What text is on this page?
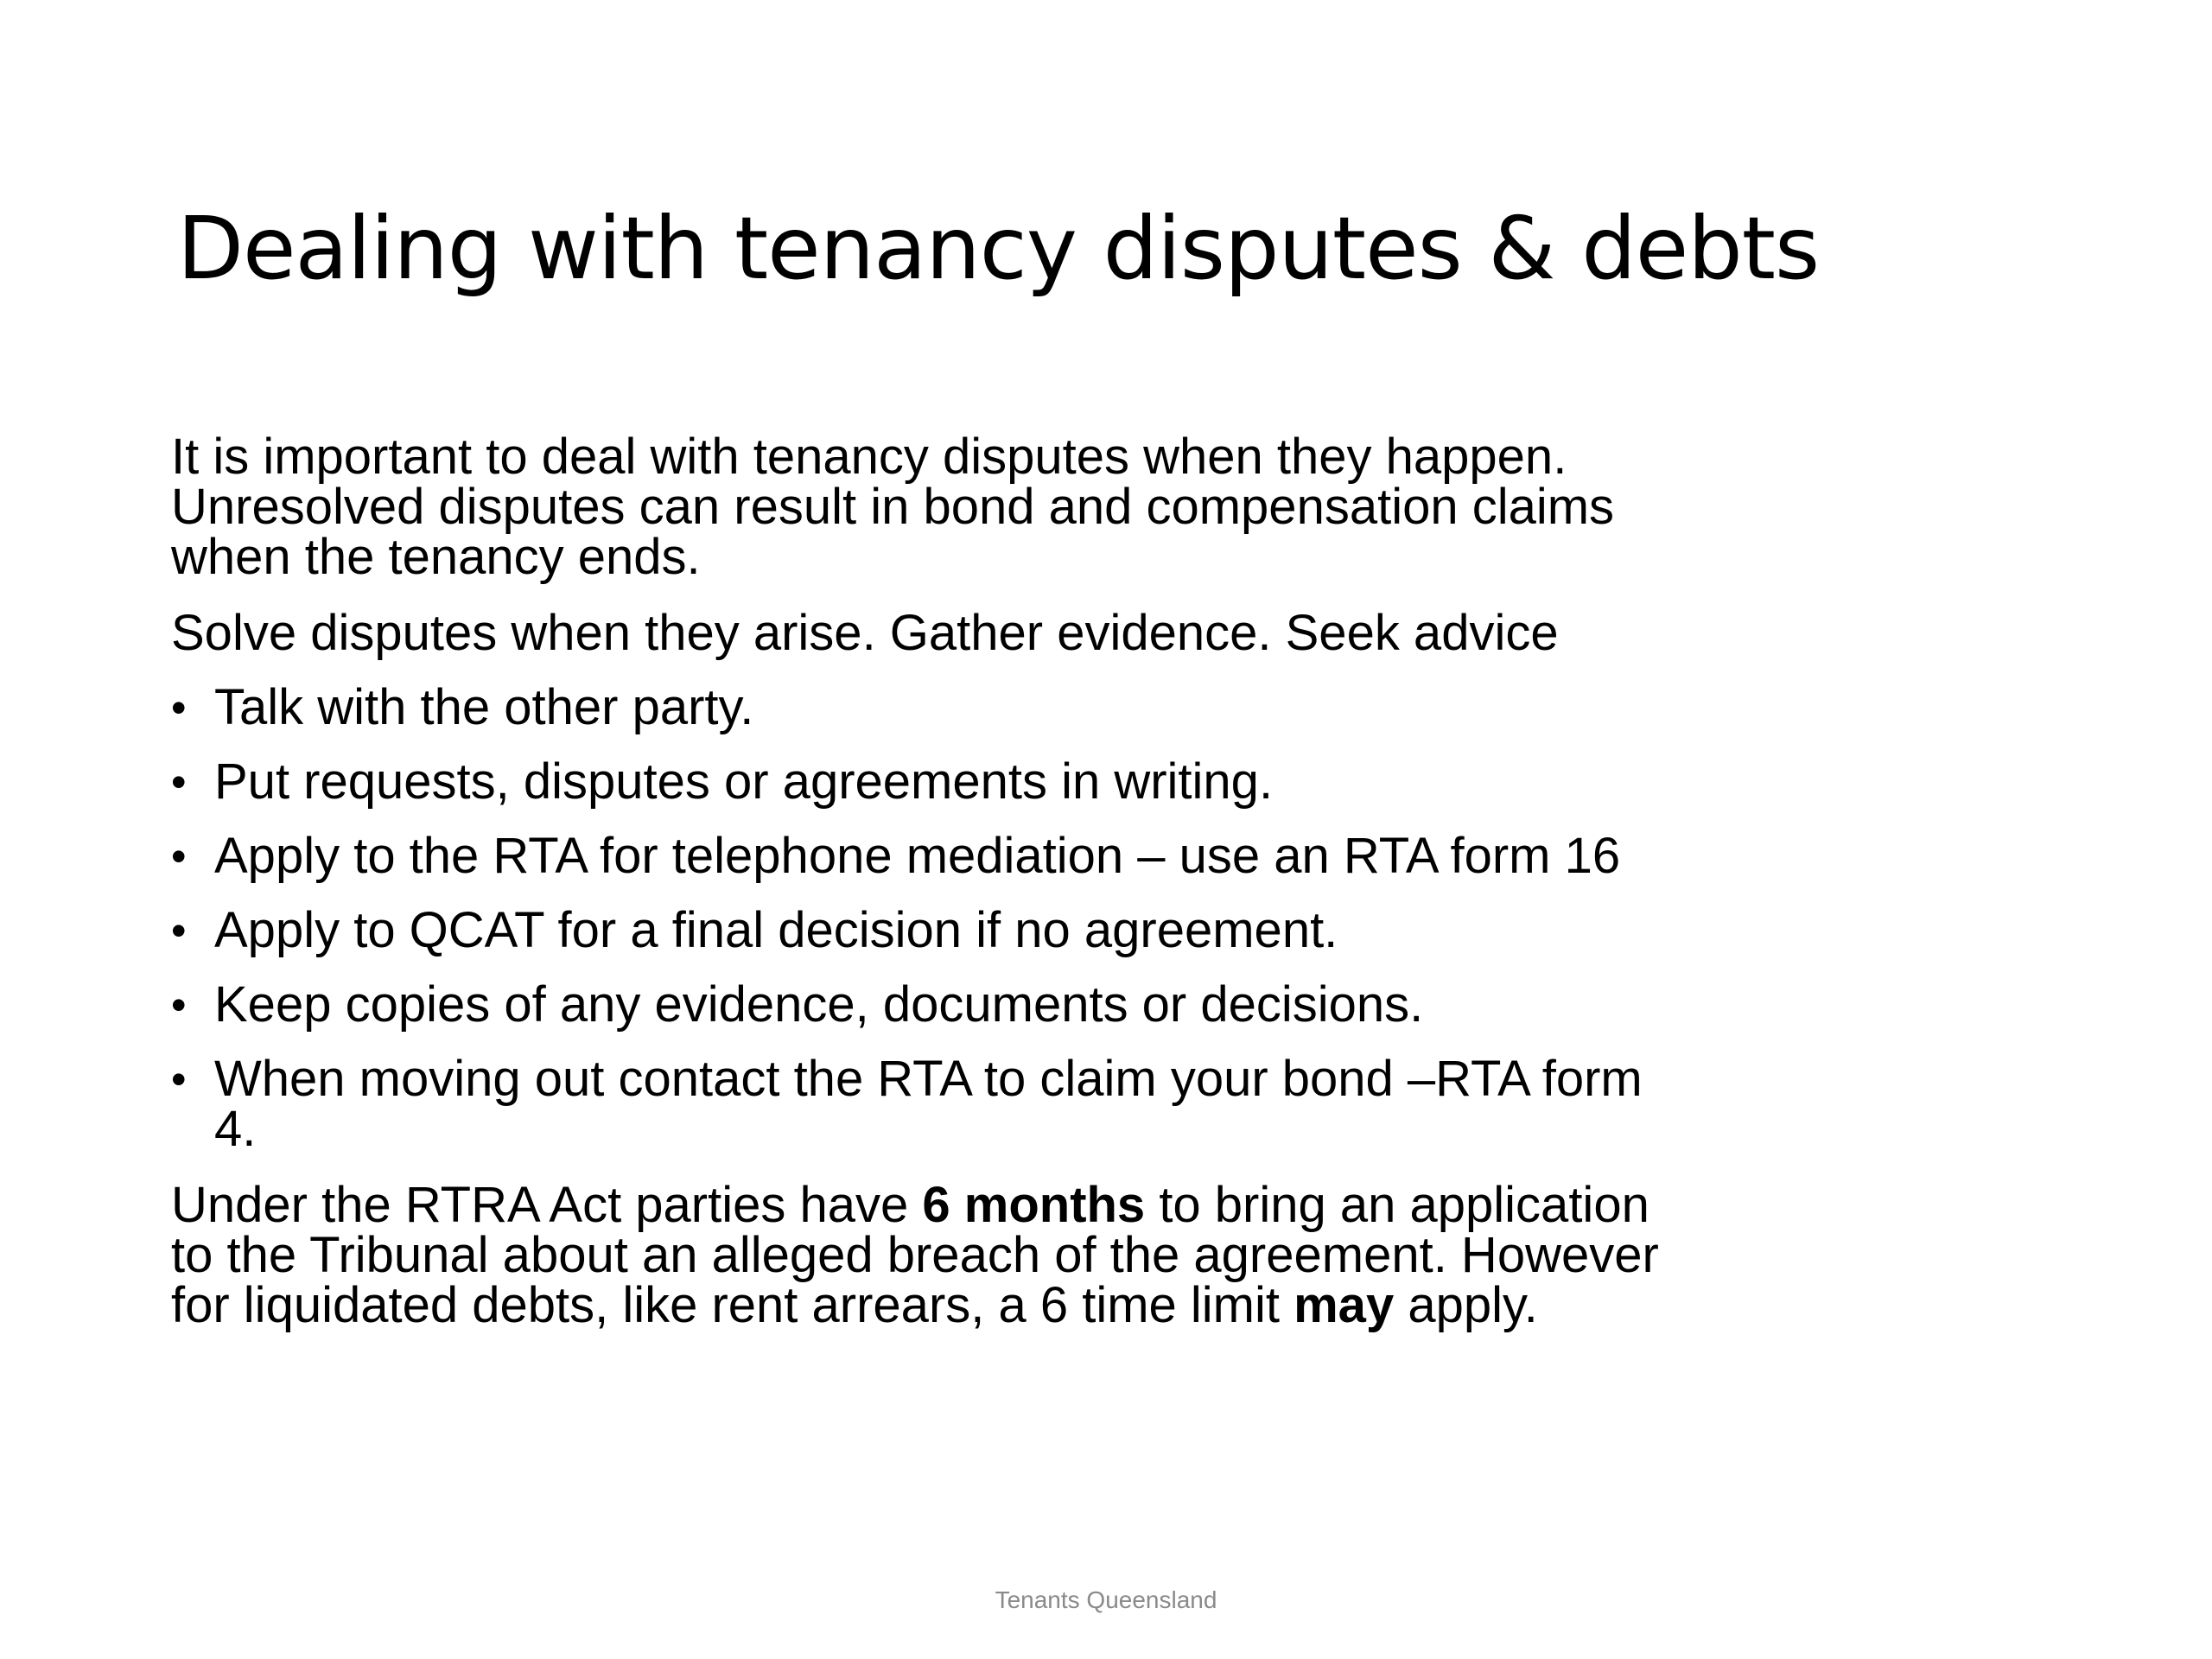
Dealing with tenancy disputes & debts

It is important to deal with tenancy disputes when they happen. Unresolved disputes can result in bond and compensation claims when the tenancy ends.

Solve disputes when they arise. Gather evidence. Seek advice

• Talk with the other party.
• Put requests, disputes or agreements in writing.
• Apply to the RTA for telephone mediation – use an RTA form 16
• Apply to QCAT for a final decision if no agreement.
• Keep copies of any evidence, documents or decisions.
• When moving out contact the RTA to claim your bond –RTA form 4.

Under the RTRA Act parties have 6 months to bring an application to the Tribunal about an alleged breach of the agreement. However for liquidated debts, like rent arrears, a 6 time limit may apply.

Tenants Queensland
